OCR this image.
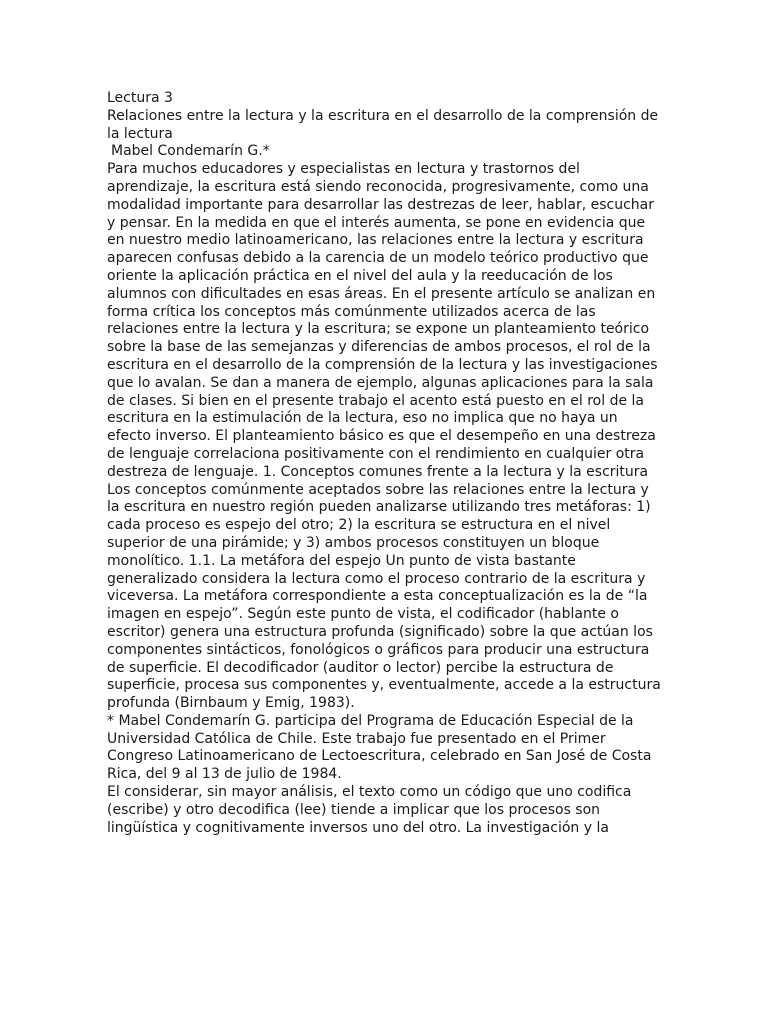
Lectura 3

Relaciones entre la lectura y la escritura en el desarrollo de la comprensión de la lectura

Mabel Condemarín G.*

Para muchos educadores y especialistas en lectura y trastornos del aprendizaje, la escritura está siendo reconocida, progresivamente, como una modalidad importante para desarrollar las destrezas de leer, hablar, escuchar y pensar. En la medida en que el interés aumenta, se pone en evidencia que en nuestro medio latinoamericano, las relaciones entre la lectura y escritura aparecen confusas debido a la carencia de un modelo teórico productivo que oriente la aplicación práctica en el nivel del aula y la reeducación de los alumnos con dificultades en esas áreas. En el presente artículo se analizan en forma crítica los conceptos más comúnmente utilizados acerca de las relaciones entre la lectura y la escritura; se expone un planteamiento teórico sobre la base de las semejanzas y diferencias de ambos procesos, el rol de la escritura en el desarrollo de la comprensión de la lectura y las investigaciones que lo avalan. Se dan a manera de ejemplo, algunas aplicaciones para la sala de clases. Si bien en el presente trabajo el acento está puesto en el rol de la escritura en la estimulación de la lectura, eso no implica que no haya un efecto inverso. El planteamiento básico es que el desempeño en una destreza de lenguaje correlaciona positivamente con el rendimiento en cualquier otra destreza de lenguaje. 1. Conceptos comunes frente a la lectura y la escritura Los conceptos comúnmente aceptados sobre las relaciones entre la lectura y la escritura en nuestro región pueden analizarse utilizando tres metáforas: 1) cada proceso es espejo del otro; 2) la escritura se estructura en el nivel superior de una pirámide; y 3) ambos procesos constituyen un bloque monolítico. 1.1. La metáfora del espejo Un punto de vista bastante generalizado considera la lectura como el proceso contrario de la escritura y viceversa. La metáfora correspondiente a esta conceptualización es la de “la imagen en espejo”. Según este punto de vista, el codificador (hablante o escritor) genera una estructura profunda (significado) sobre la que actúan los componentes sintácticos, fonológicos o gráficos para producir una estructura de superficie. El decodificador (auditor o lector) percibe la estructura de superficie, procesa sus componentes y, eventualmente, accede a la estructura profunda (Birnbaum y Emig, 1983).

* Mabel Condemarín G. participa del Programa de Educación Especial de la Universidad Católica de Chile. Este trabajo fue presentado en el Primer Congreso Latinoamericano de Lectoescritura, celebrado en San José de Costa Rica, del 9 al 13 de julio de 1984.

El considerar, sin mayor análisis, el texto como un código que uno codifica (escribe) y otro decodifica (lee) tiende a implicar que los procesos son lingüística y cognitivamente inversos uno del otro. La investigación y la
